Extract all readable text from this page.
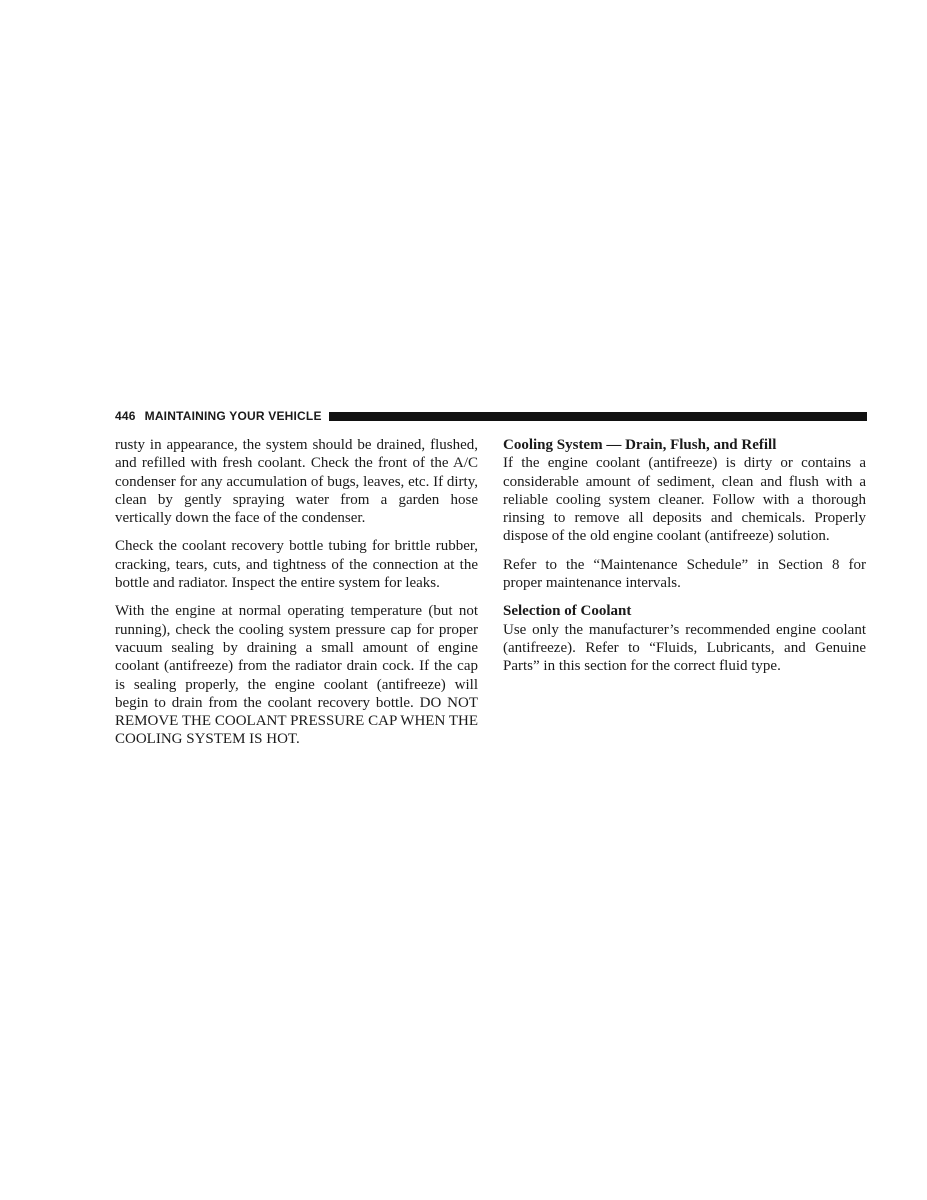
446 MAINTAINING YOUR VEHICLE

rusty in appearance, the system should be drained, flushed, and refilled with fresh coolant. Check the front of the A/C condenser for any accumulation of bugs, leaves, etc. If dirty, clean by gently spraying water from a garden hose vertically down the face of the condenser.

Check the coolant recovery bottle tubing for brittle rubber, cracking, tears, cuts, and tightness of the connection at the bottle and radiator. Inspect the entire system for leaks.

With the engine at normal operating temperature (but not running), check the cooling system pressure cap for proper vacuum sealing by draining a small amount of engine coolant (antifreeze) from the radiator drain cock. If the cap is sealing properly, the engine coolant (antifreeze) will begin to drain from the coolant recovery bottle. DO NOT REMOVE THE COOLANT PRESSURE CAP WHEN THE COOLING SYSTEM IS HOT.

Cooling System — Drain, Flush, and Refill

If the engine coolant (antifreeze) is dirty or contains a considerable amount of sediment, clean and flush with a reliable cooling system cleaner. Follow with a thorough rinsing to remove all deposits and chemicals. Properly dispose of the old engine coolant (antifreeze) solution.

Refer to the “Maintenance Schedule” in Section 8 for proper maintenance intervals.

Selection of Coolant

Use only the manufacturer’s recommended engine coolant (antifreeze). Refer to “Fluids, Lubricants, and Genuine Parts” in this section for the correct fluid type.
